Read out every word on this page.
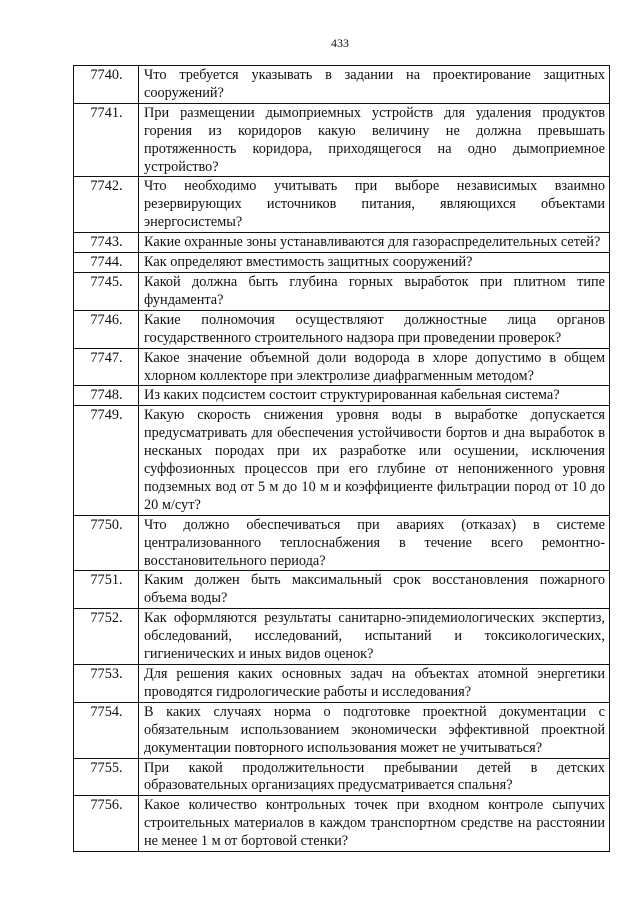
433
7740.	Что требуется указывать в задании на проектирование защитных сооружений?
7741.	При размещении дымоприемных устройств для удаления продуктов горения из коридоров какую величину не должна превышать протяженность коридора, приходящегося на одно дымоприемное устройство?
7742.	Что необходимо учитывать при выборе независимых взаимно резервирующих источников питания, являющихся объектами энергосистемы?
7743.	Какие охранные зоны устанавливаются для газораспределительных сетей?
7744.	Как определяют вместимость защитных сооружений?
7745.	Какой должна быть глубина горных выработок при плитном типе фундамента?
7746.	Какие полномочия осуществляют должностные лица органов государственного строительного надзора при проведении проверок?
7747.	Какое значение объемной доли водорода в хлоре допустимо в общем хлорном коллекторе при электролизе диафрагменным методом?
7748.	Из каких подсистем состоит структурированная кабельная система?
7749.	Какую скорость снижения уровня воды в выработке допускается предусматривать для обеспечения устойчивости бортов и дна выработок в несканых породах при их разработке или осушении, исключения суффозионных процессов при его глубине от непониженного уровня подземных вод от 5 м до 10 м и коэффициенте фильтрации пород от 10 до 20 м/сут?
7750.	Что должно обеспечиваться при авариях (отказах) в системе централизованного теплоснабжения в течение всего ремонтно-восстановительного периода?
7751.	Каким должен быть максимальный срок восстановления пожарного объема воды?
7752.	Как оформляются результаты санитарно-эпидемиологических экспертиз, обследований, исследований, испытаний и токсикологических, гигиенических и иных видов оценок?
7753.	Для решения каких основных задач на объектах атомной энергетики проводятся гидрологические работы и исследования?
7754.	В каких случаях норма о подготовке проектной документации с обязательным использованием экономически эффективной проектной документации повторного использования может не учитываться?
7755.	При какой продолжительности пребывании детей в детских образовательных организациях предусматривается спальня?
7756.	Какое количество контрольных точек при входном контроле сыпучих строительных материалов в каждом транспортном средстве на расстоянии не менее 1 м от бортовой стенки?
